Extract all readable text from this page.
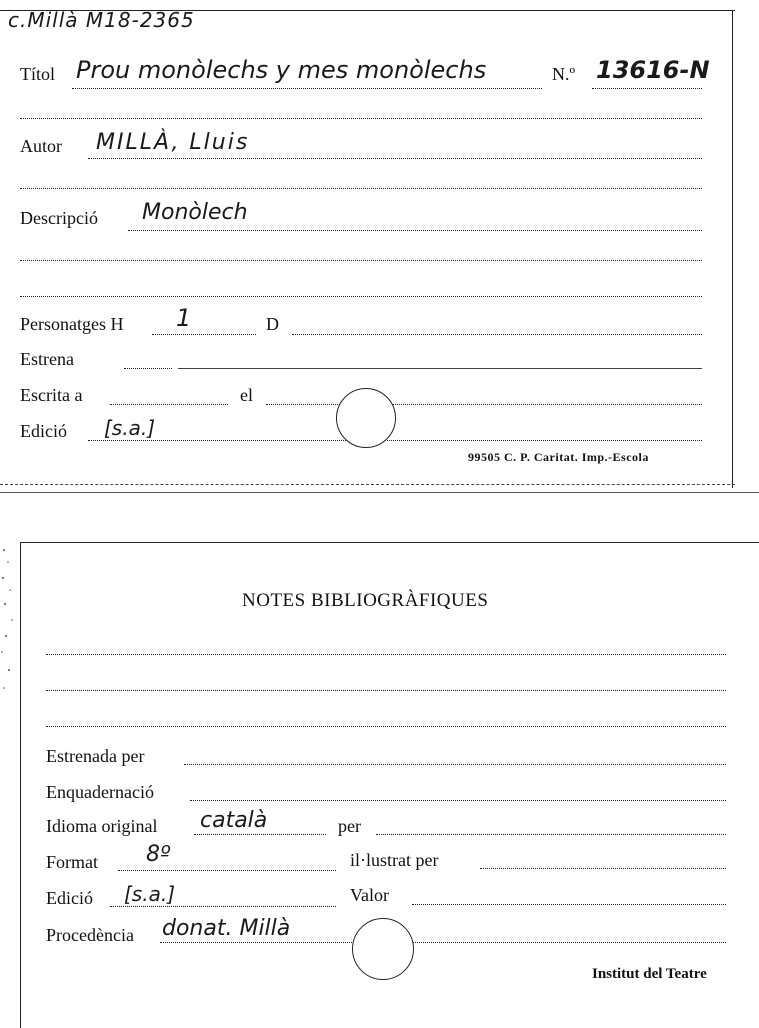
c.Millà M18-2365
Títol Prou monòlechs y mes monòlechs	N.º 13616-N
Autor MILLÀ, Lluis
Descripció Monòlech
Personatges H 1	D
Estrena
Escrita a	el
Edició [s.a.]
99505 C. P. Caritat. Imp.-Escola
NOTES BIBLIOGRÀFIQUES
Estrenada per
Enquadernació
Idioma original català	per
Format 8º	il·lustrat per
Edició [s.a.]	Valor
Procedència donat. Millà
Institut del Teatre
